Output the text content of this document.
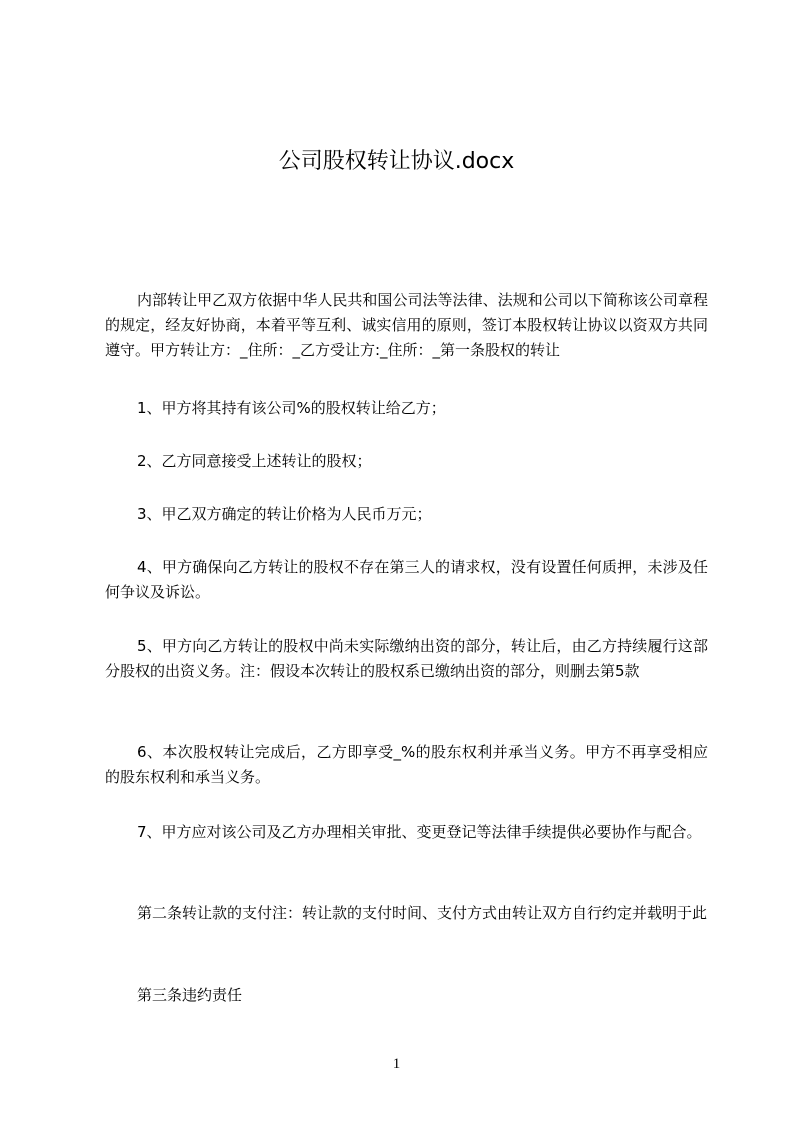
公司股权转让协议.docx
内部转让甲乙双方依据中华人民共和国公司法等法律、法规和公司以下简称该公司章程的规定，经友好协商，本着平等互利、诚实信用的原则，签订本股权转让协议以资双方共同遵守。甲方转让方：_住所：_乙方受让方:_住所：_第一条股权的转让
1、甲方将其持有该公司%的股权转让给乙方；
2、乙方同意接受上述转让的股权；
3、甲乙双方确定的转让价格为人民币万元；
4、甲方确保向乙方转让的股权不存在第三人的请求权，没有设置任何质押，未涉及任何争议及诉讼。
5、甲方向乙方转让的股权中尚未实际缴纳出资的部分，转让后，由乙方持续履行这部分股权的出资义务。注：假设本次转让的股权系已缴纳出资的部分，则删去第5款
6、本次股权转让完成后，乙方即享受_%的股东权利并承当义务。甲方不再享受相应的股东权利和承当义务。
7、甲方应对该公司及乙方办理相关审批、变更登记等法律手续提供必要协作与配合。
第二条转让款的支付注：转让款的支付时间、支付方式由转让双方自行约定并载明于此
第三条违约责任
1
